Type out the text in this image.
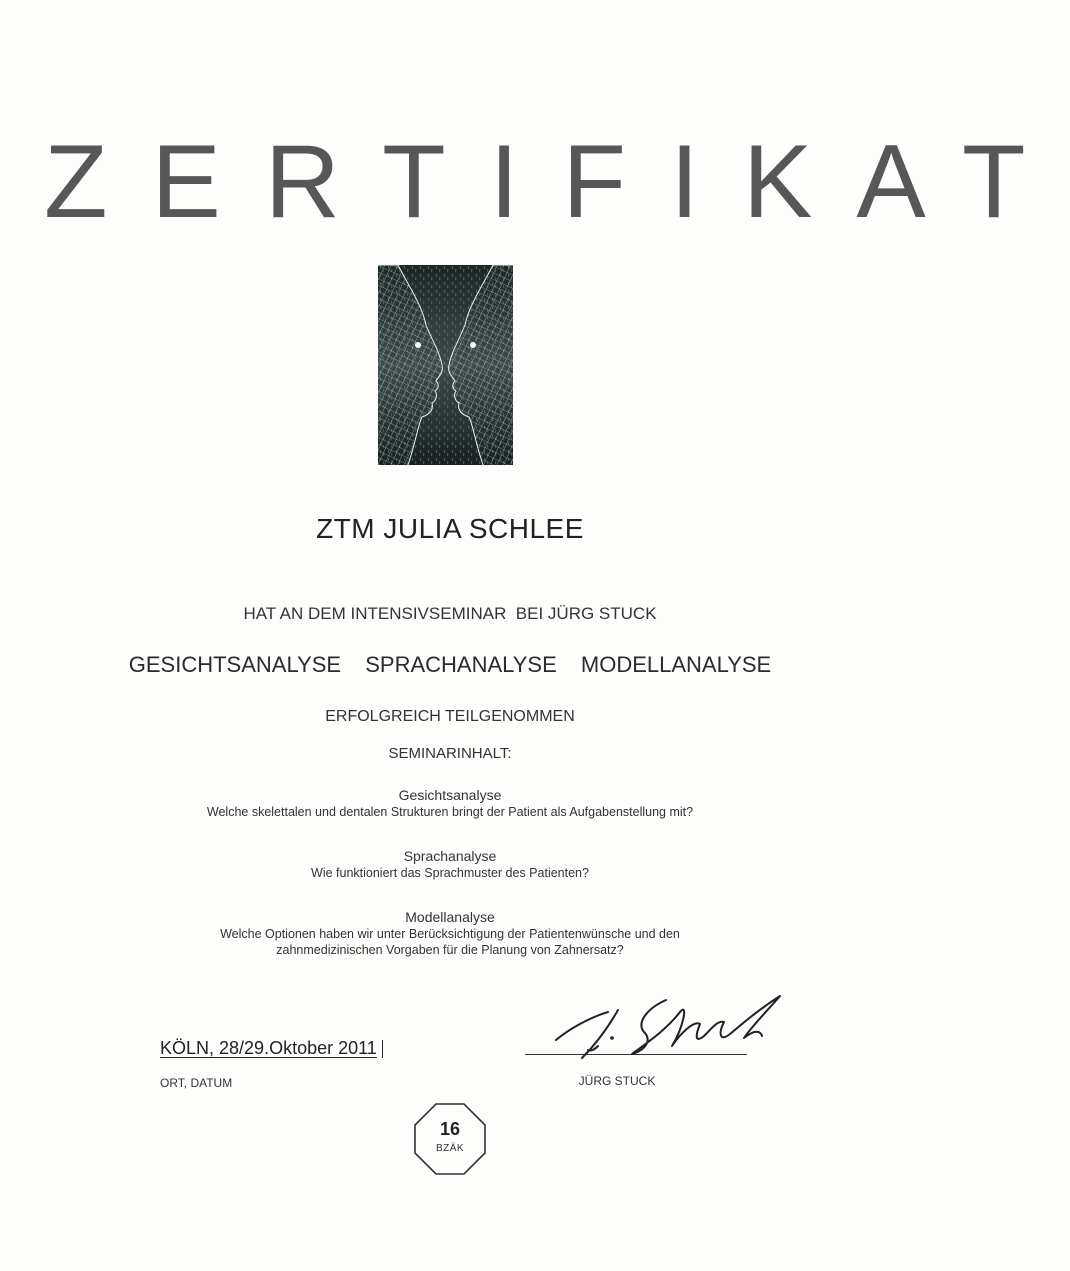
ZERTIFIKAT
ZTM JULIA SCHLEE
HAT AN DEM INTENSIVSEMINAR  BEI JÜRG STUCK
GESICHTSANALYSE SPRACHANALYSE MODELLANALYSE
ERFOLGREICH TEILGENOMMEN
SEMINARINHALT:
Gesichtsanalyse
Welche skelettalen und dentalen Strukturen bringt der Patient als Aufgabenstellung mit?
Sprachanalyse
Wie funktioniert das Sprachmuster des Patienten?
Modellanalyse
Welche Optionen haben wir unter Berücksichtigung der Patientenwünsche und den
zahnmedizinischen Vorgaben für die Planung von Zahnersatz?
KÖLN, 28/29.Oktober 2011
ORT, DATUM	JÜRG STUCK
16
BZÄK
